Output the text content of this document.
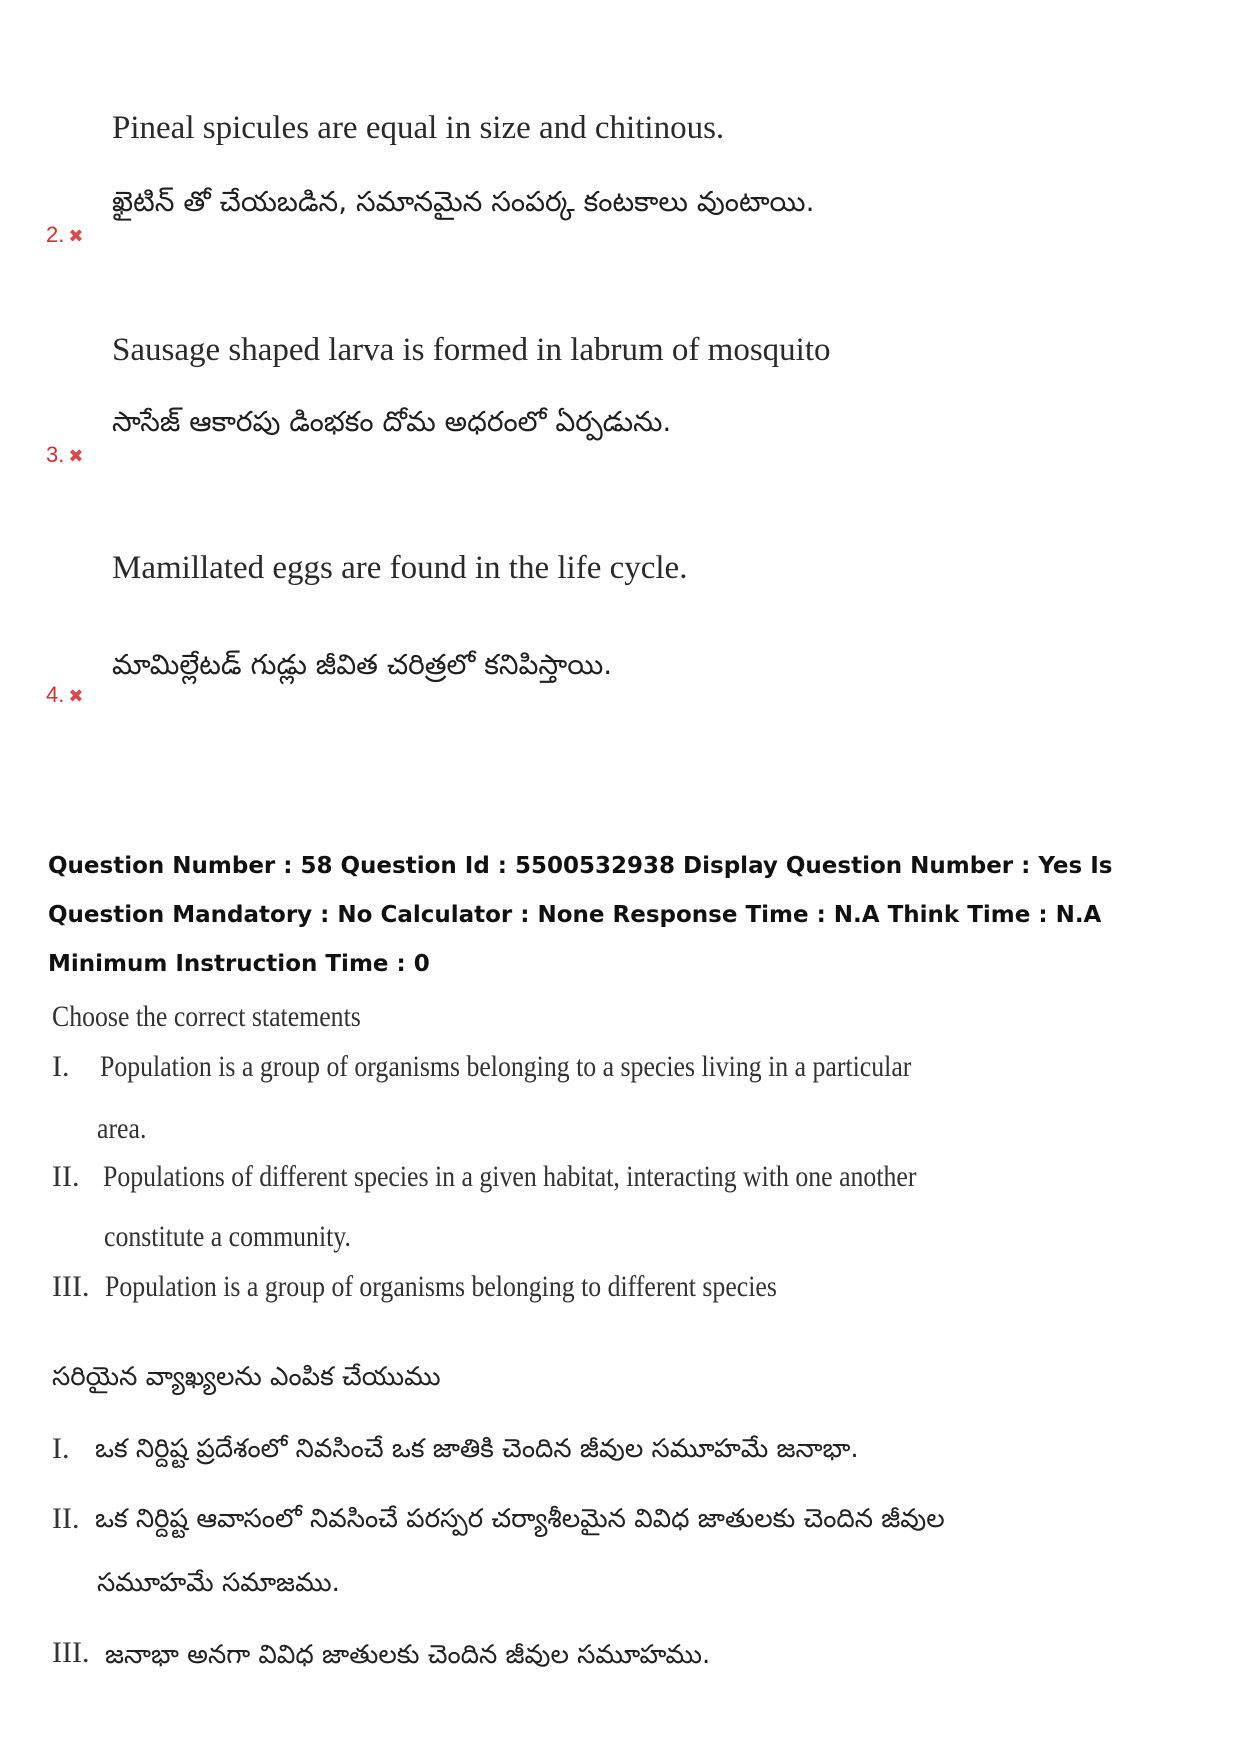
Pineal spicules are equal in size and chitinous.
ఖైటిన్ తో చేయబడిన, సమానమైన సంపర్క కంటకాలు వుంటాయి.
2. ✖
Sausage shaped larva is formed in labrum of mosquito
సాసేజ్ ఆకారపు డింభకం దోమ అధరంలో ఏర్పడును.
3. ✖
Mamillated eggs are found in the life cycle.
మామిల్లేటడ్ గుడ్లు జీవిత చరిత్రలో కనిపిస్తాయి.
4. ✖
Question Number : 58 Question Id : 5500532938 Display Question Number : Yes Is Question Mandatory : No Calculator : None Response Time : N.A Think Time : N.A Minimum Instruction Time : 0
Choose the correct statements
I. Population is a group of organisms belonging to a species living in a particular
area.
II. Populations of different species in a given habitat, interacting with one another
constitute a community.
III. Population is a group of organisms belonging to different species
సరియైన వ్యాఖ్యలను ఎంపిక చేయుము
I. ఒక నిర్దిష్ట ప్రదేశంలో నివసించే ఒక జాతికి చెందిన జీవుల సమూహమే జనాభా.
II. ఒక నిర్దిష్ట ఆవాసంలో నివసించే పరస్పర చర్యాశీలమైన వివిధ జాతులకు చెందిన జీవుల
సమూహమే సమాజము.
III. జనాభా అనగా వివిధ జాతులకు చెందిన జీవుల సమూహము.
